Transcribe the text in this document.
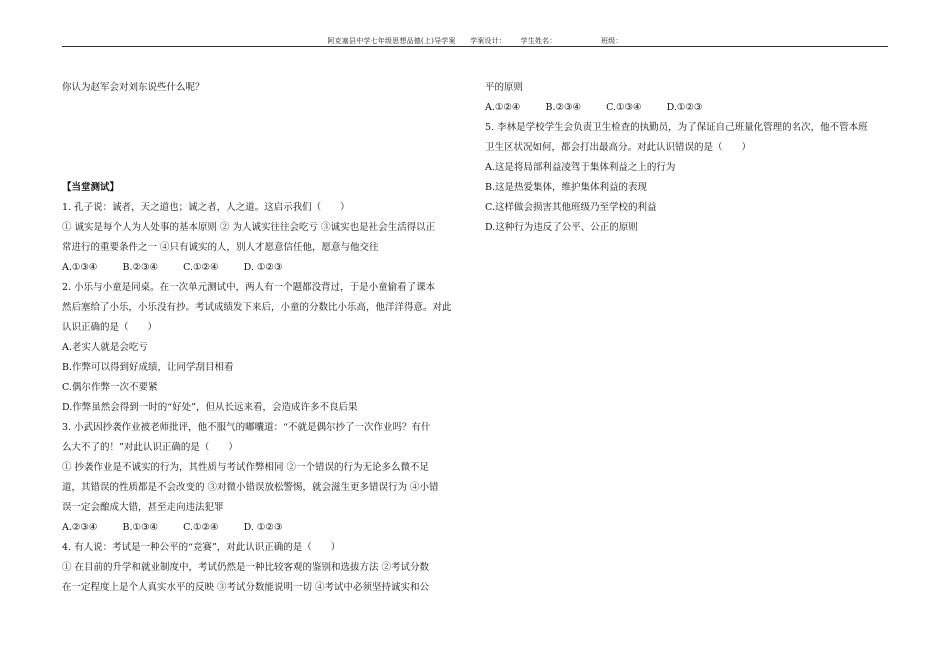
阿克塞县中学七年级思想品德(上)导学案 学案设计： 学生姓名：	班级：

你认为赵军会对刘东说些什么呢？

【当堂测试】

1. 孔子说：诚者，天之道也；诚之者，人之道。这启示我们（　　）

① 诚实是每个人为人处事的基本原则 ② 为人诚实往往会吃亏 ③诚实也是社会生活得以正

常进行的重要条件之一 ④只有诚实的人，别人才愿意信任他，愿意与他交往

A.①③④	B.②③④	C.①②④	D. ①②③

2. 小乐与小童是同桌。在一次单元测试中，两人有一个题都没背过，于是小童偷看了课本

然后塞给了小乐，小乐没有抄。考试成绩发下来后，小童的分数比小乐高，他洋洋得意。对此

认识正确的是（　　）

A.老实人就是会吃亏

B.作弊可以得到好成绩，让同学刮目相看

C.偶尔作弊一次不要紧

D.作弊虽然会得到一时的“好处”，但从长远来看，会造成许多不良后果

3. 小武因抄袭作业被老师批评，他不服气的嘟囔道：“不就是偶尔抄了一次作业吗？有什

么大不了的！”对此认识正确的是（　　）

① 抄袭作业是不诚实的行为，其性质与考试作弊相同 ②一个错误的行为无论多么微不足

道，其错误的性质都是不会改变的 ③对微小错误放松警惕，就会滋生更多错误行为 ④小错

误一定会酿成大错，甚至走向违法犯罪

A.②③④	B.①③④	C.①②④	D. ①②③

4. 有人说：考试是一种公平的“竞赛”，对此认识正确的是（　　）

① 在目前的升学和就业制度中，考试仍然是一种比较客观的鉴别和选拔方法 ②考试分数

在一定程度上是个人真实水平的反映 ③考试分数能说明一切 ④考试中必须坚持诚实和公

平的原则

A.①②④	B.②③④	C.①③④	D.①②③

5. 李林是学校学生会负责卫生检查的执勤员，为了保证自己班量化管理的名次，他不管本班

卫生区状况如何，都会打出最高分。对此认识错误的是（　　）

A.这是将局部利益凌驾于集体利益之上的行为

B.这是热爱集体，维护集体利益的表现

C.这样做会损害其他班级乃至学校的利益

D.这种行为违反了公平、公正的原则
